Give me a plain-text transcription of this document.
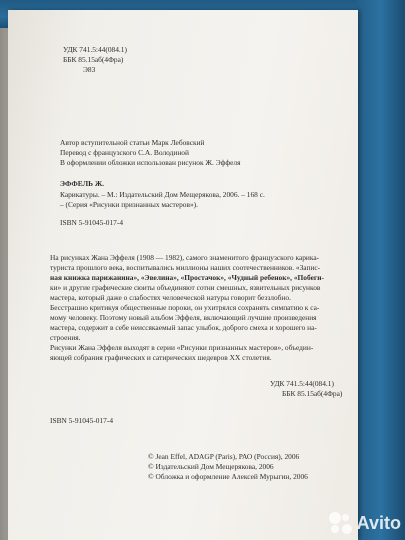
УДК 741.5:44(084.1)
ББК 85.15аб(4Фра)
Э83
Автор вступительной статьи Марк Лебовский
Перевод с французского С.А. Володиной
В оформлении обложки использован рисунок Ж. Эффеля
ЭФФЕЛЬ Ж.
Карикатуры. – М.: Издательский Дом Мещерякова, 2006. – 168 с.
– (Серия «Рисунки признанных мастеров»).
ISBN 5-91045-017-4
На рисунках Жана Эффеля (1908 — 1982), самого знаменитого французского карика-
туриста прошлого века, воспитывались миллионы наших соотечественников. «Запис-
ная книжка парижанина», «Эвелина», «Простачок», «Чудный ребенок», «Побеги-
ки» и другие графические сюиты объединяют сотни смешных, язвительных рисунков
мастера, который даже о слабостях человеческой натуры говорит беззлобно.
Бесстрашно критикуя общественные пороки, он ухитрялся сохранять симпатию к са-
мому человеку. Поэтому новый альбом Эффеля, включающий лучшие произведения
мастера, содержит в себе неиссякаемый запас улыбок, доброго смеха и хорошего на-
строения.
Рисунки Жана Эффеля выходят в серии «Рисунки признанных мастеров», объедин-
яющей собрания графических и сатирических шедевров XX столетия.
УДК 741.5:44(084.1)
ББК 85.15аб(4Фра)
ISBN 5-91045-017-4
© Jean Effel, ADAGP (Paris), РАО (Россия), 2006
© Издательский Дом Мещерякова, 2006
© Обложка и оформление Алексей Мурыгин, 2006
Avito
